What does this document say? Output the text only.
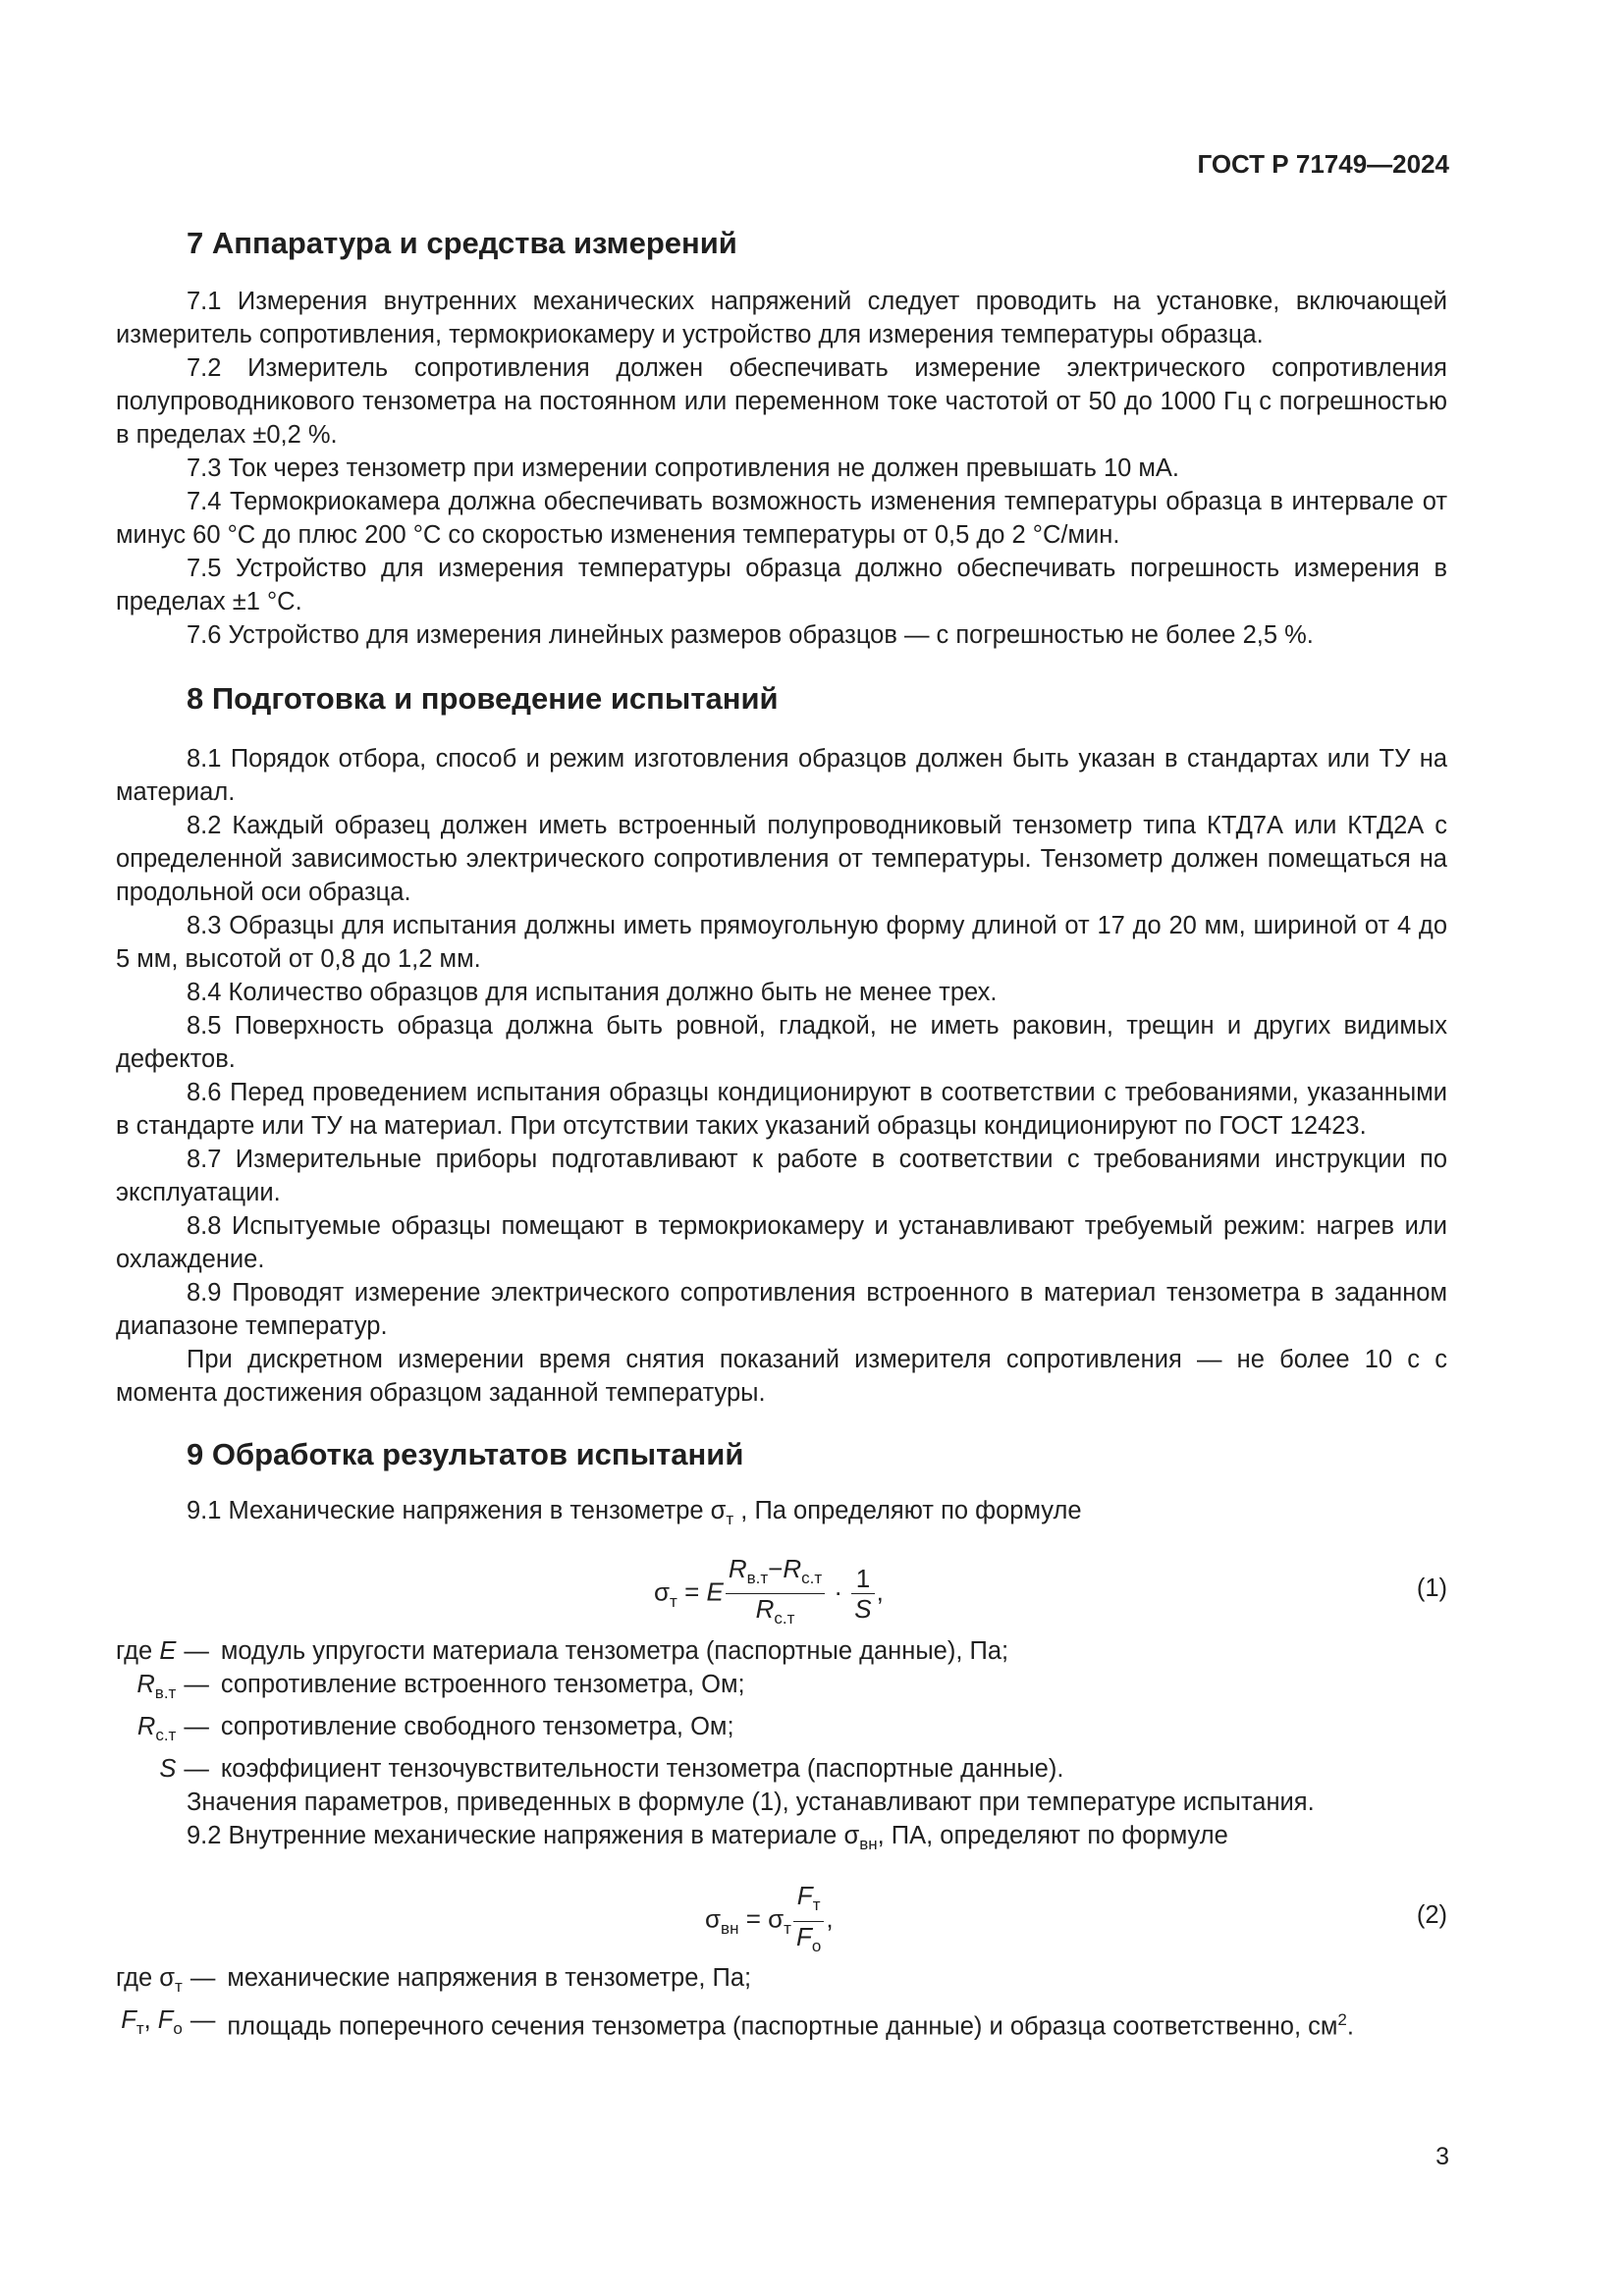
ГОСТ Р 71749—2024
7 Аппаратура и средства измерений

7.1 Измерения внутренних механических напряжений следует проводить на установке, включающей измеритель сопротивления, термокриокамеру и устройство для измерения температуры образца.

7.2 Измеритель сопротивления должен обеспечивать измерение электрического сопротивления полупроводникового тензометра на постоянном или переменном токе частотой от 50 до 1000 Гц с погрешностью в пределах ±0,2 %.

7.3 Ток через тензометр при измерении сопротивления не должен превышать 10 мА.

7.4 Термокриокамера должна обеспечивать возможность изменения температуры образца в интервале от минус 60 °C до плюс 200 °C со скоростью изменения температуры от 0,5 до 2 °C/мин.

7.5 Устройство для измерения температуры образца должно обеспечивать погрешность измерения в пределах ±1 °C.

7.6 Устройство для измерения линейных размеров образцов — с погрешностью не более 2,5 %.

8 Подготовка и проведение испытаний

8.1 Порядок отбора, способ и режим изготовления образцов должен быть указан в стандартах или ТУ на материал.

8.2 Каждый образец должен иметь встроенный полупроводниковый тензометр типа КТД7А или КТД2А с определенной зависимостью электрического сопротивления от температуры. Тензометр должен помещаться на продольной оси образца.

8.3 Образцы для испытания должны иметь прямоугольную форму длиной от 17 до 20 мм, шириной от 4 до 5 мм, высотой от 0,8 до 1,2 мм.

8.4 Количество образцов для испытания должно быть не менее трех.

8.5 Поверхность образца должна быть ровной, гладкой, не иметь раковин, трещин и других видимых дефектов.

8.6 Перед проведением испытания образцы кондиционируют в соответствии с требованиями, указанными в стандарте или ТУ на материал. При отсутствии таких указаний образцы кондиционируют по ГОСТ 12423.

8.7 Измерительные приборы подготавливают к работе в соответствии с требованиями инструкции по эксплуатации.

8.8 Испытуемые образцы помещают в термокриокамеру и устанавливают требуемый режим: нагрев или охлаждение.

8.9 Проводят измерение электрического сопротивления встроенного в материал тензометра в заданном диапазоне температур.

При дискретном измерении время снятия показаний измерителя сопротивления — не более 10 с с момента достижения образцом заданной температуры.

9 Обработка результатов испытаний

9.1 Механические напряжения в тензометре $\sigma_т$ , Па определяют по формуле

$\sigma_т = E \frac{R_{в.т}-R_{с.т}}{R_{с.т}} \cdot \frac{1}{S}$ ,	(1)
где E	—	модуль упругости материала тензометра (паспортные данные), Па;
$R_{в.т}$	—	сопротивление встроенного тензометра, Ом;
$R_{с.т}$	—	сопротивление свободного тензометра, Ом;
S	—	коэффициент тензочувствительности тензометра (паспортные данные).

Значения параметров, приведенных в формуле (1), устанавливают при температуре испытания.

9.2 Внутренние механические напряжения в материале $\sigma_{вн}$, ПА, определяют по формуле

$\sigma_{вн} = \sigma_т \frac{F_т}{F_о}$ ,	(2)
где $\sigma_т$	—	механические напряжения в тензометре, Па;
$F_т$, $F_о$	—	площадь поперечного сечения тензометра (паспортные данные) и образца соответственно, $см^2$.
3
